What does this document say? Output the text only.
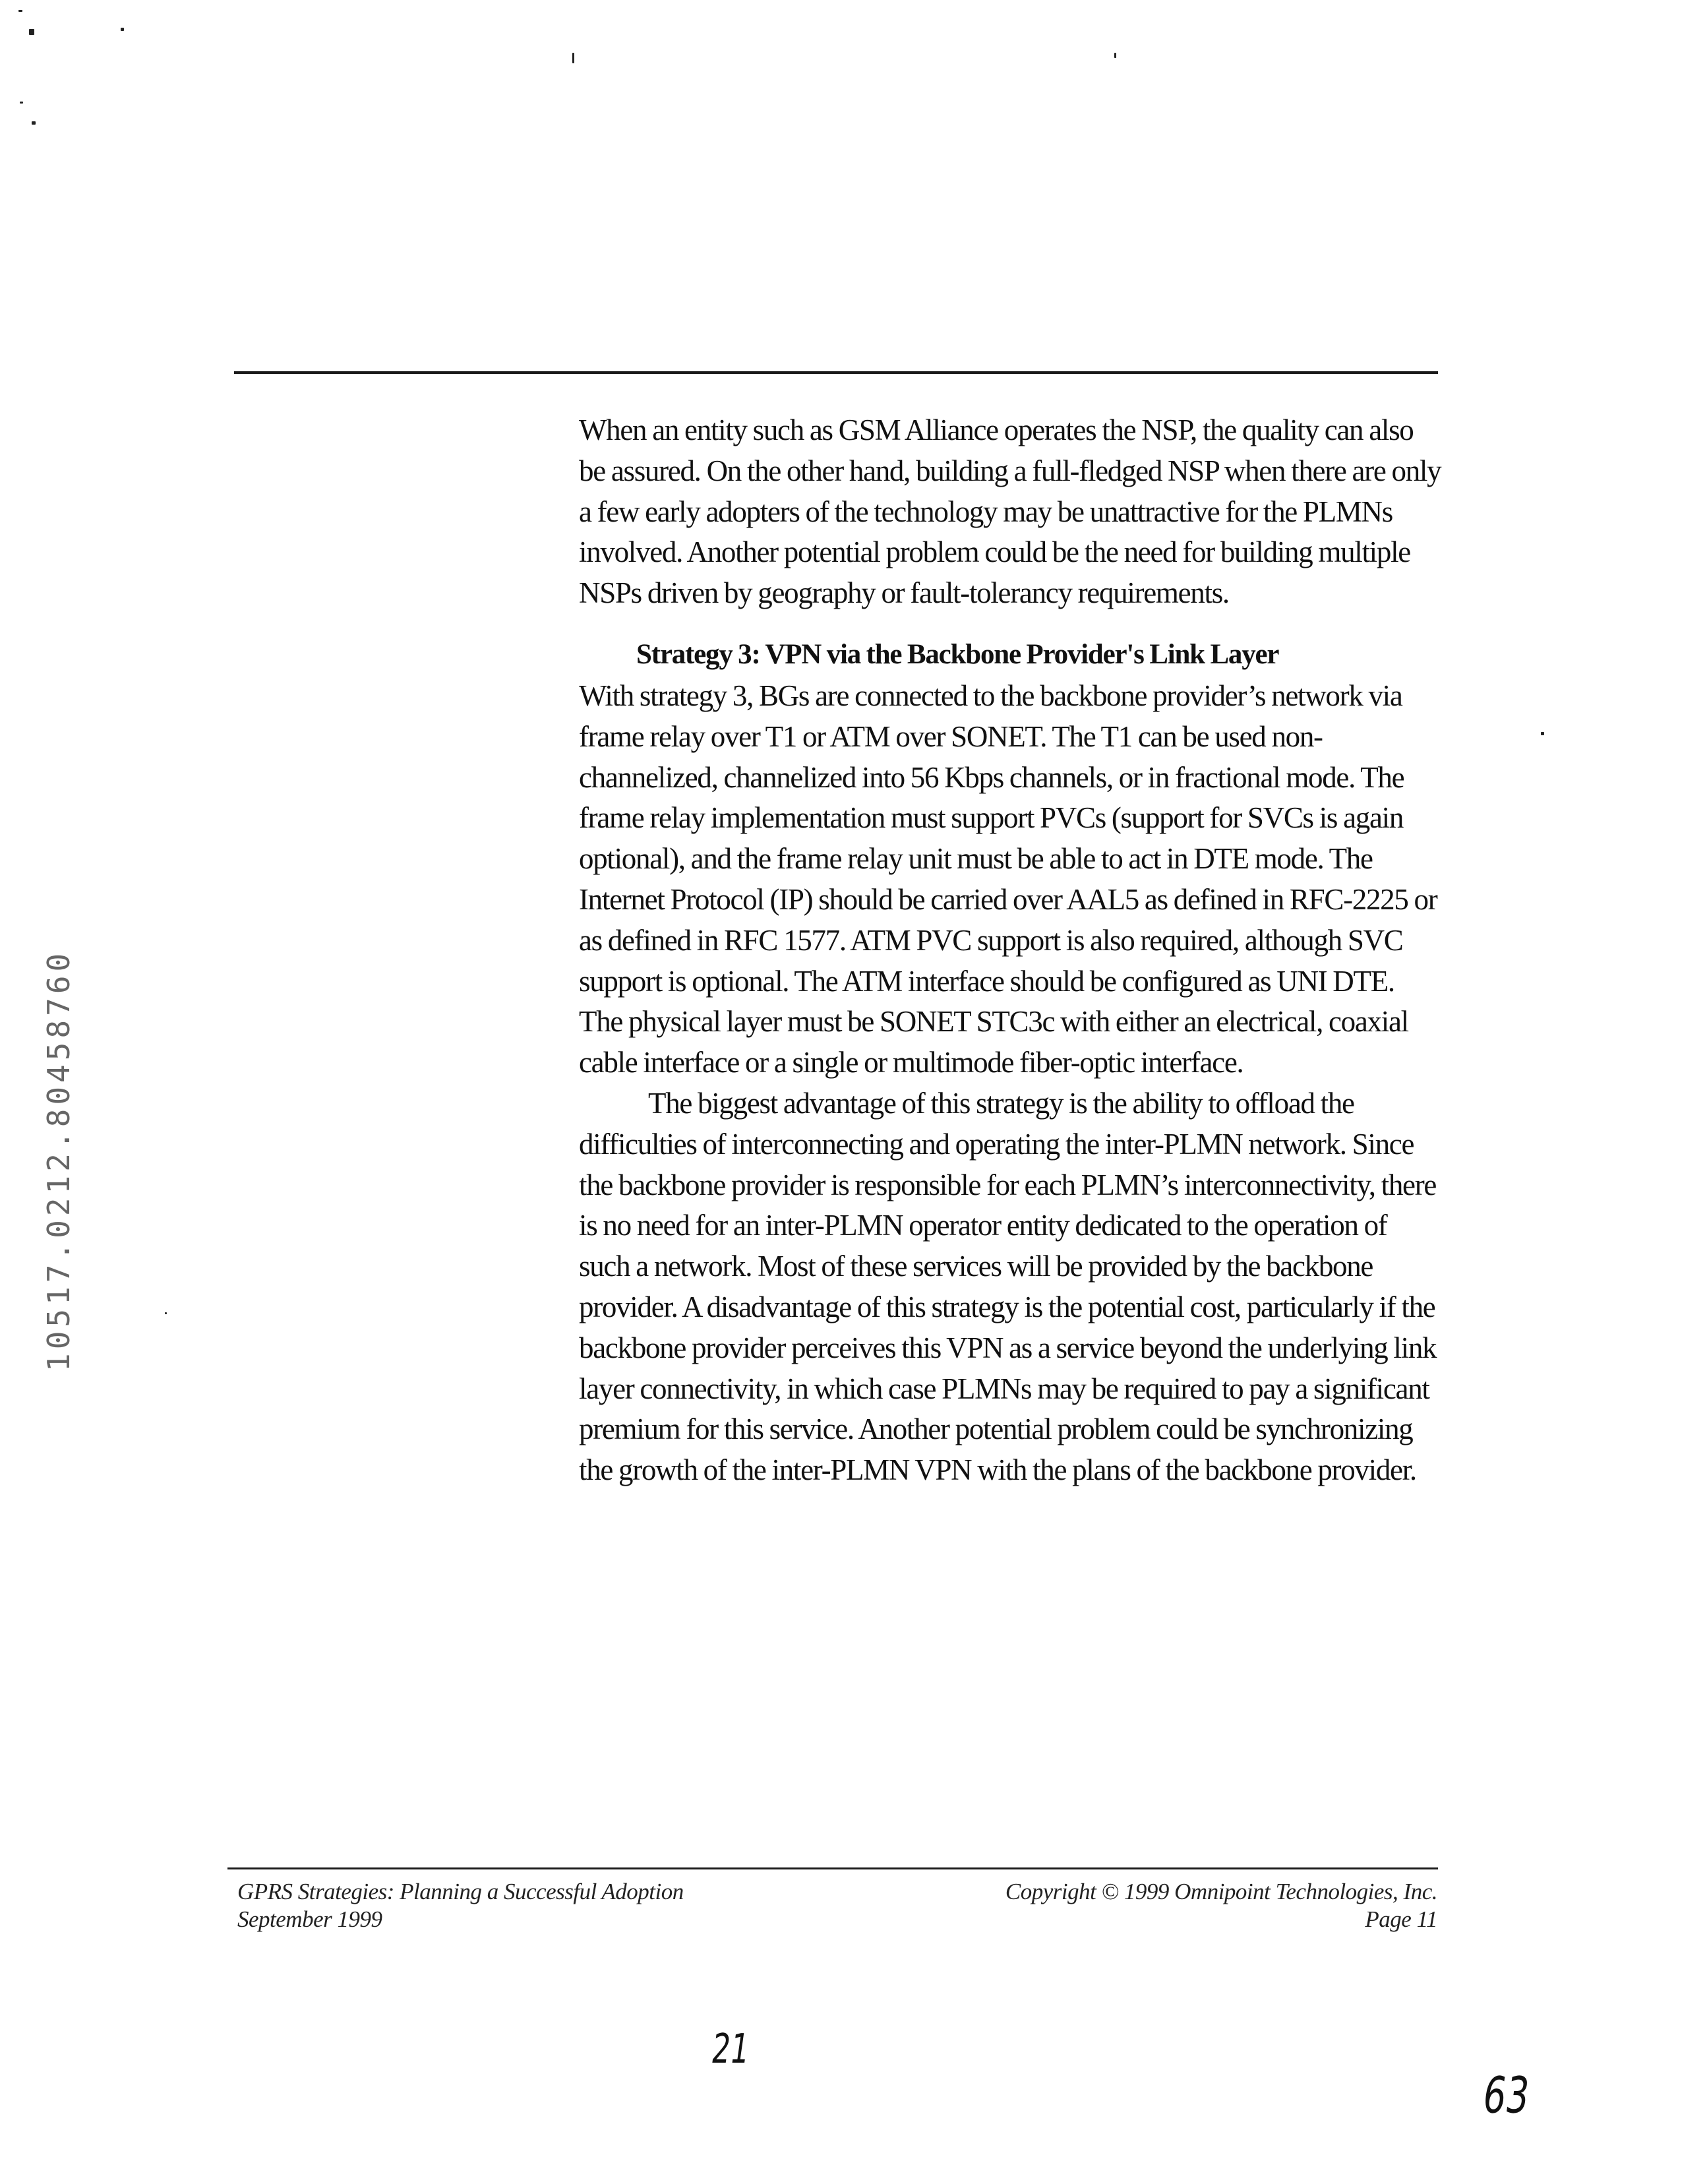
When an entity such as GSM Alliance operates the NSP, the quality can also be assured. On the other hand, building a full-fledged NSP when there are only a few early adopters of the technology may be unattractive for the PLMNs involved. Another potential problem could be the need for building multiple NSPs driven by geography or fault-tolerancy requirements.

Strategy 3: VPN via the Backbone Provider's Link Layer

With strategy 3, BGs are connected to the backbone provider’s network via frame relay over T1 or ATM over SONET. The T1 can be used non-channelized, channelized into 56 Kbps channels, or in fractional mode. The frame relay implementation must support PVCs (support for SVCs is again optional), and the frame relay unit must be able to act in DTE mode. The Internet Protocol (IP) should be carried over AAL5 as defined in RFC-2225 or as defined in RFC 1577. ATM PVC support is also required, although SVC support is optional. The ATM interface should be configured as UNI DTE. The physical layer must be SONET STC3c with either an electrical, coaxial cable interface or a single or multimode fiber-optic interface.

The biggest advantage of this strategy is the ability to offload the difficulties of interconnecting and operating the inter-PLMN network. Since the backbone provider is responsible for each PLMN’s interconnectivity, there is no need for an inter-PLMN operator entity dedicated to the operation of such a network. Most of these services will be provided by the backbone provider. A disadvantage of this strategy is the potential cost, particularly if the backbone provider perceives this VPN as a service beyond the underlying link layer connectivity, in which case PLMNs may be required to pay a significant premium for this service. Another potential problem could be synchronizing the growth of the inter-PLMN VPN with the plans of the backbone provider.

GPRS Strategies: Planning a Successful Adoption
September 1999
Copyright © 1999 Omnipoint Technologies, Inc.
Page 11
10517.0212.80458760
21
63
